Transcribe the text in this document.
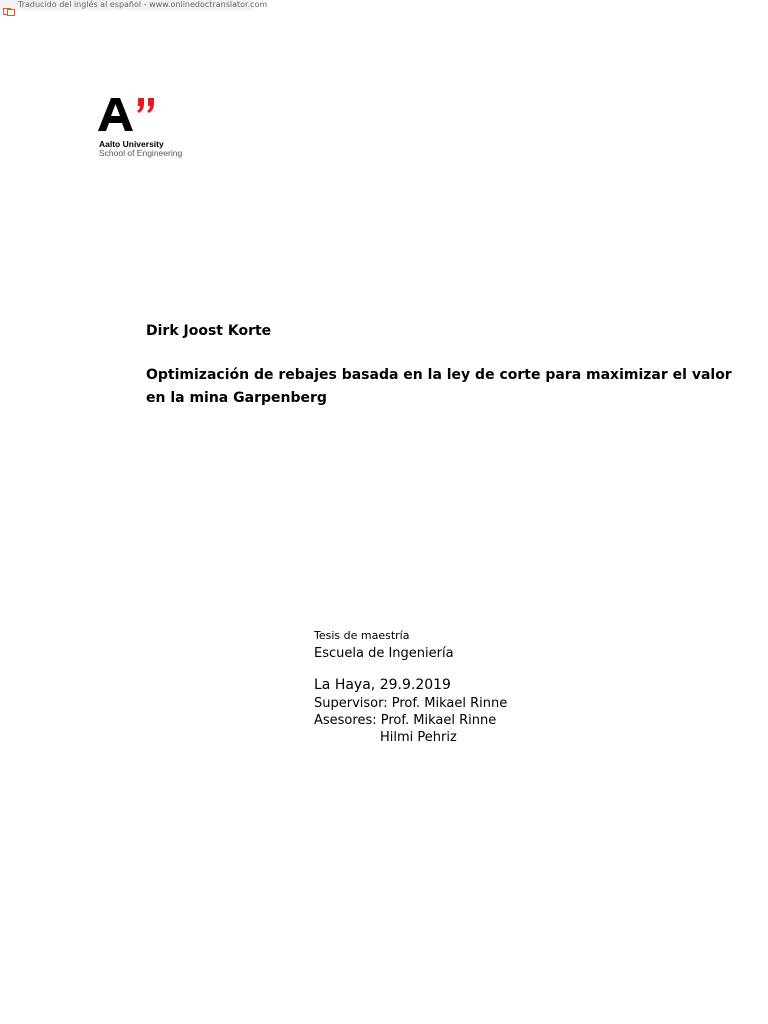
Traducido del inglés al español - www.onlinedoctranslator.com
Aalto University
School of Engineering
Dirk Joost Korte
Optimización de rebajes basada en la ley de corte para maximizar el valor
en la mina Garpenberg
Tesis de maestría
Escuela de Ingeniería
La Haya, 29.9.2019
Supervisor: Prof. Mikael Rinne
Asesores: Prof. Mikael Rinne
Hilmi Pehriz
